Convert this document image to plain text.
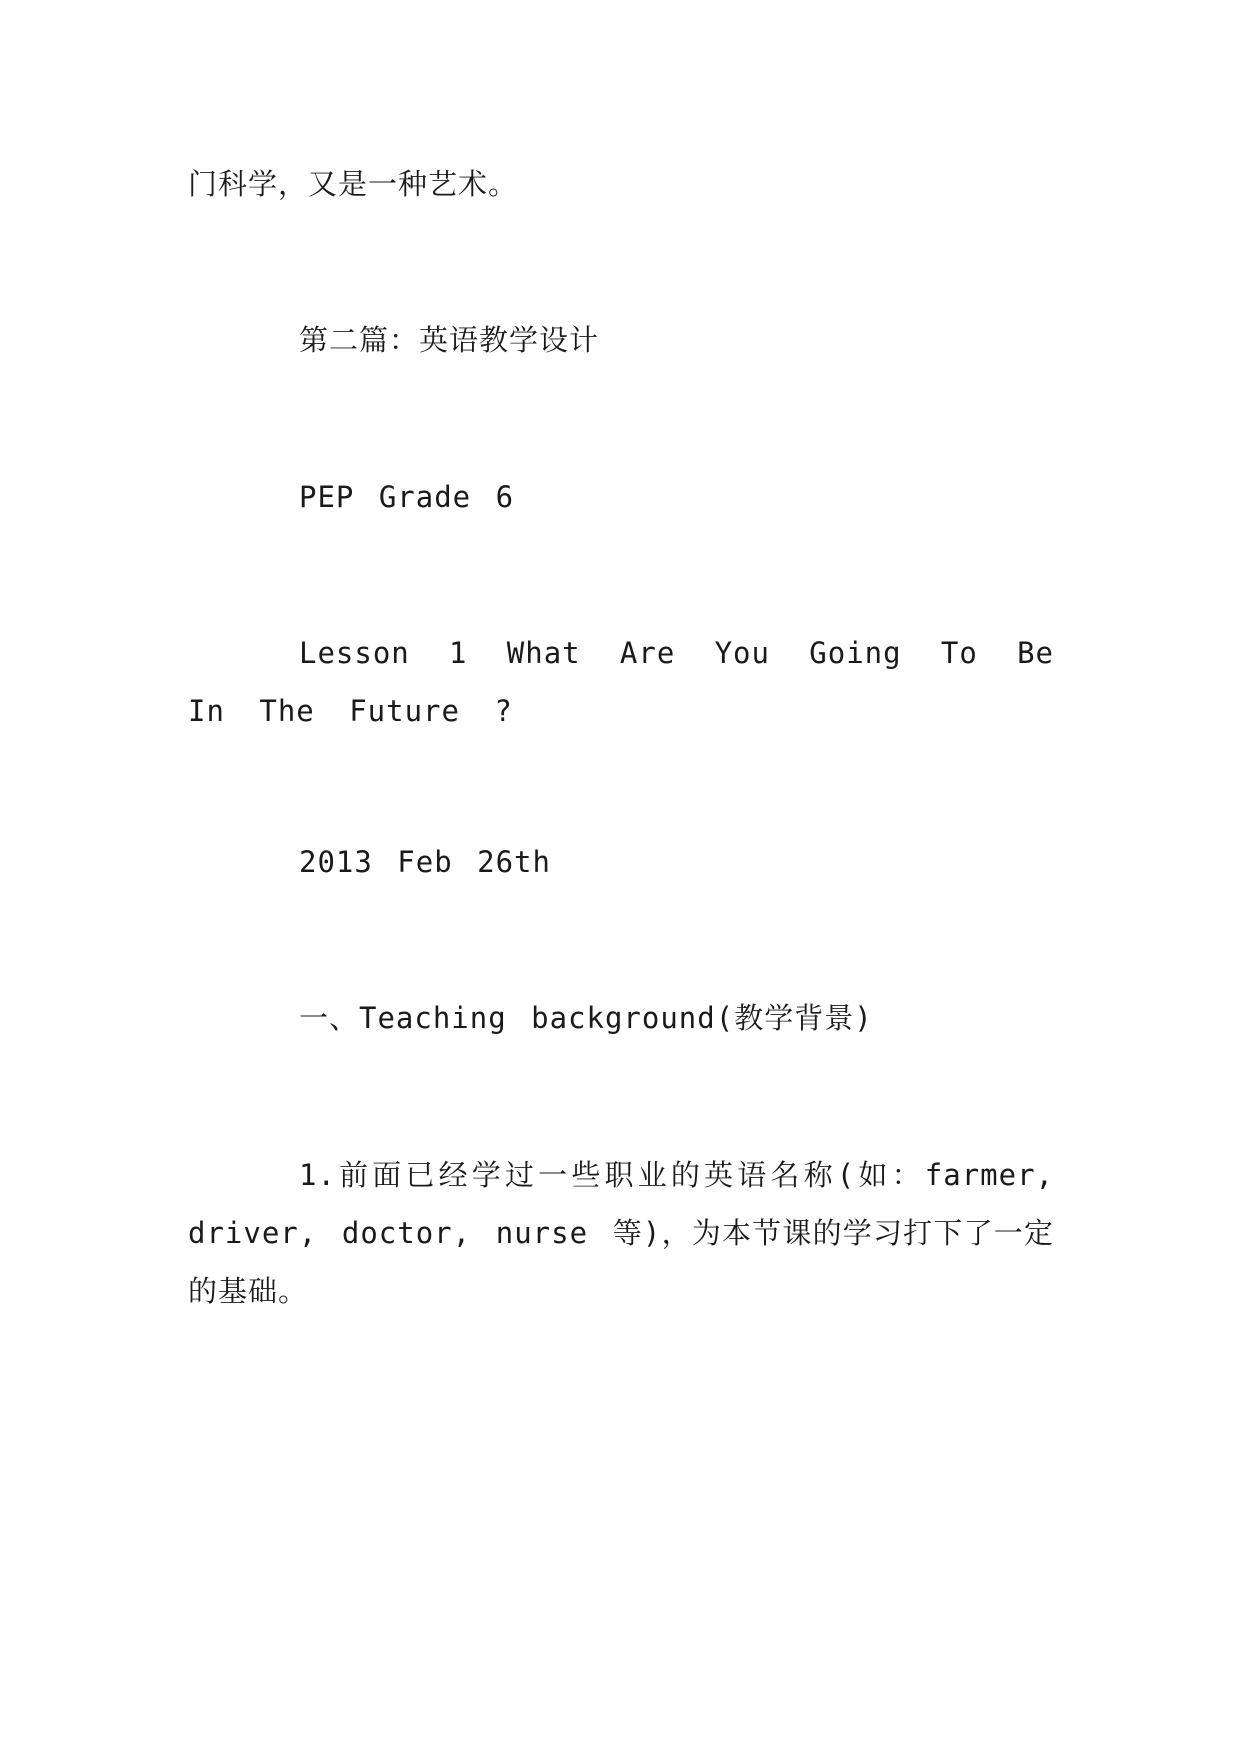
门科学，又是一种艺术。
第二篇：英语教学设计
PEP Grade 6
Lesson 1 What Are You Going To Be In The Future ?
2013 Feb 26th
一、Teaching background(教学背景)
1.前面已经学过一些职业的英语名称(如：farmer, driver, doctor, nurse 等)，为本节课的学习打下了一定的基础。
